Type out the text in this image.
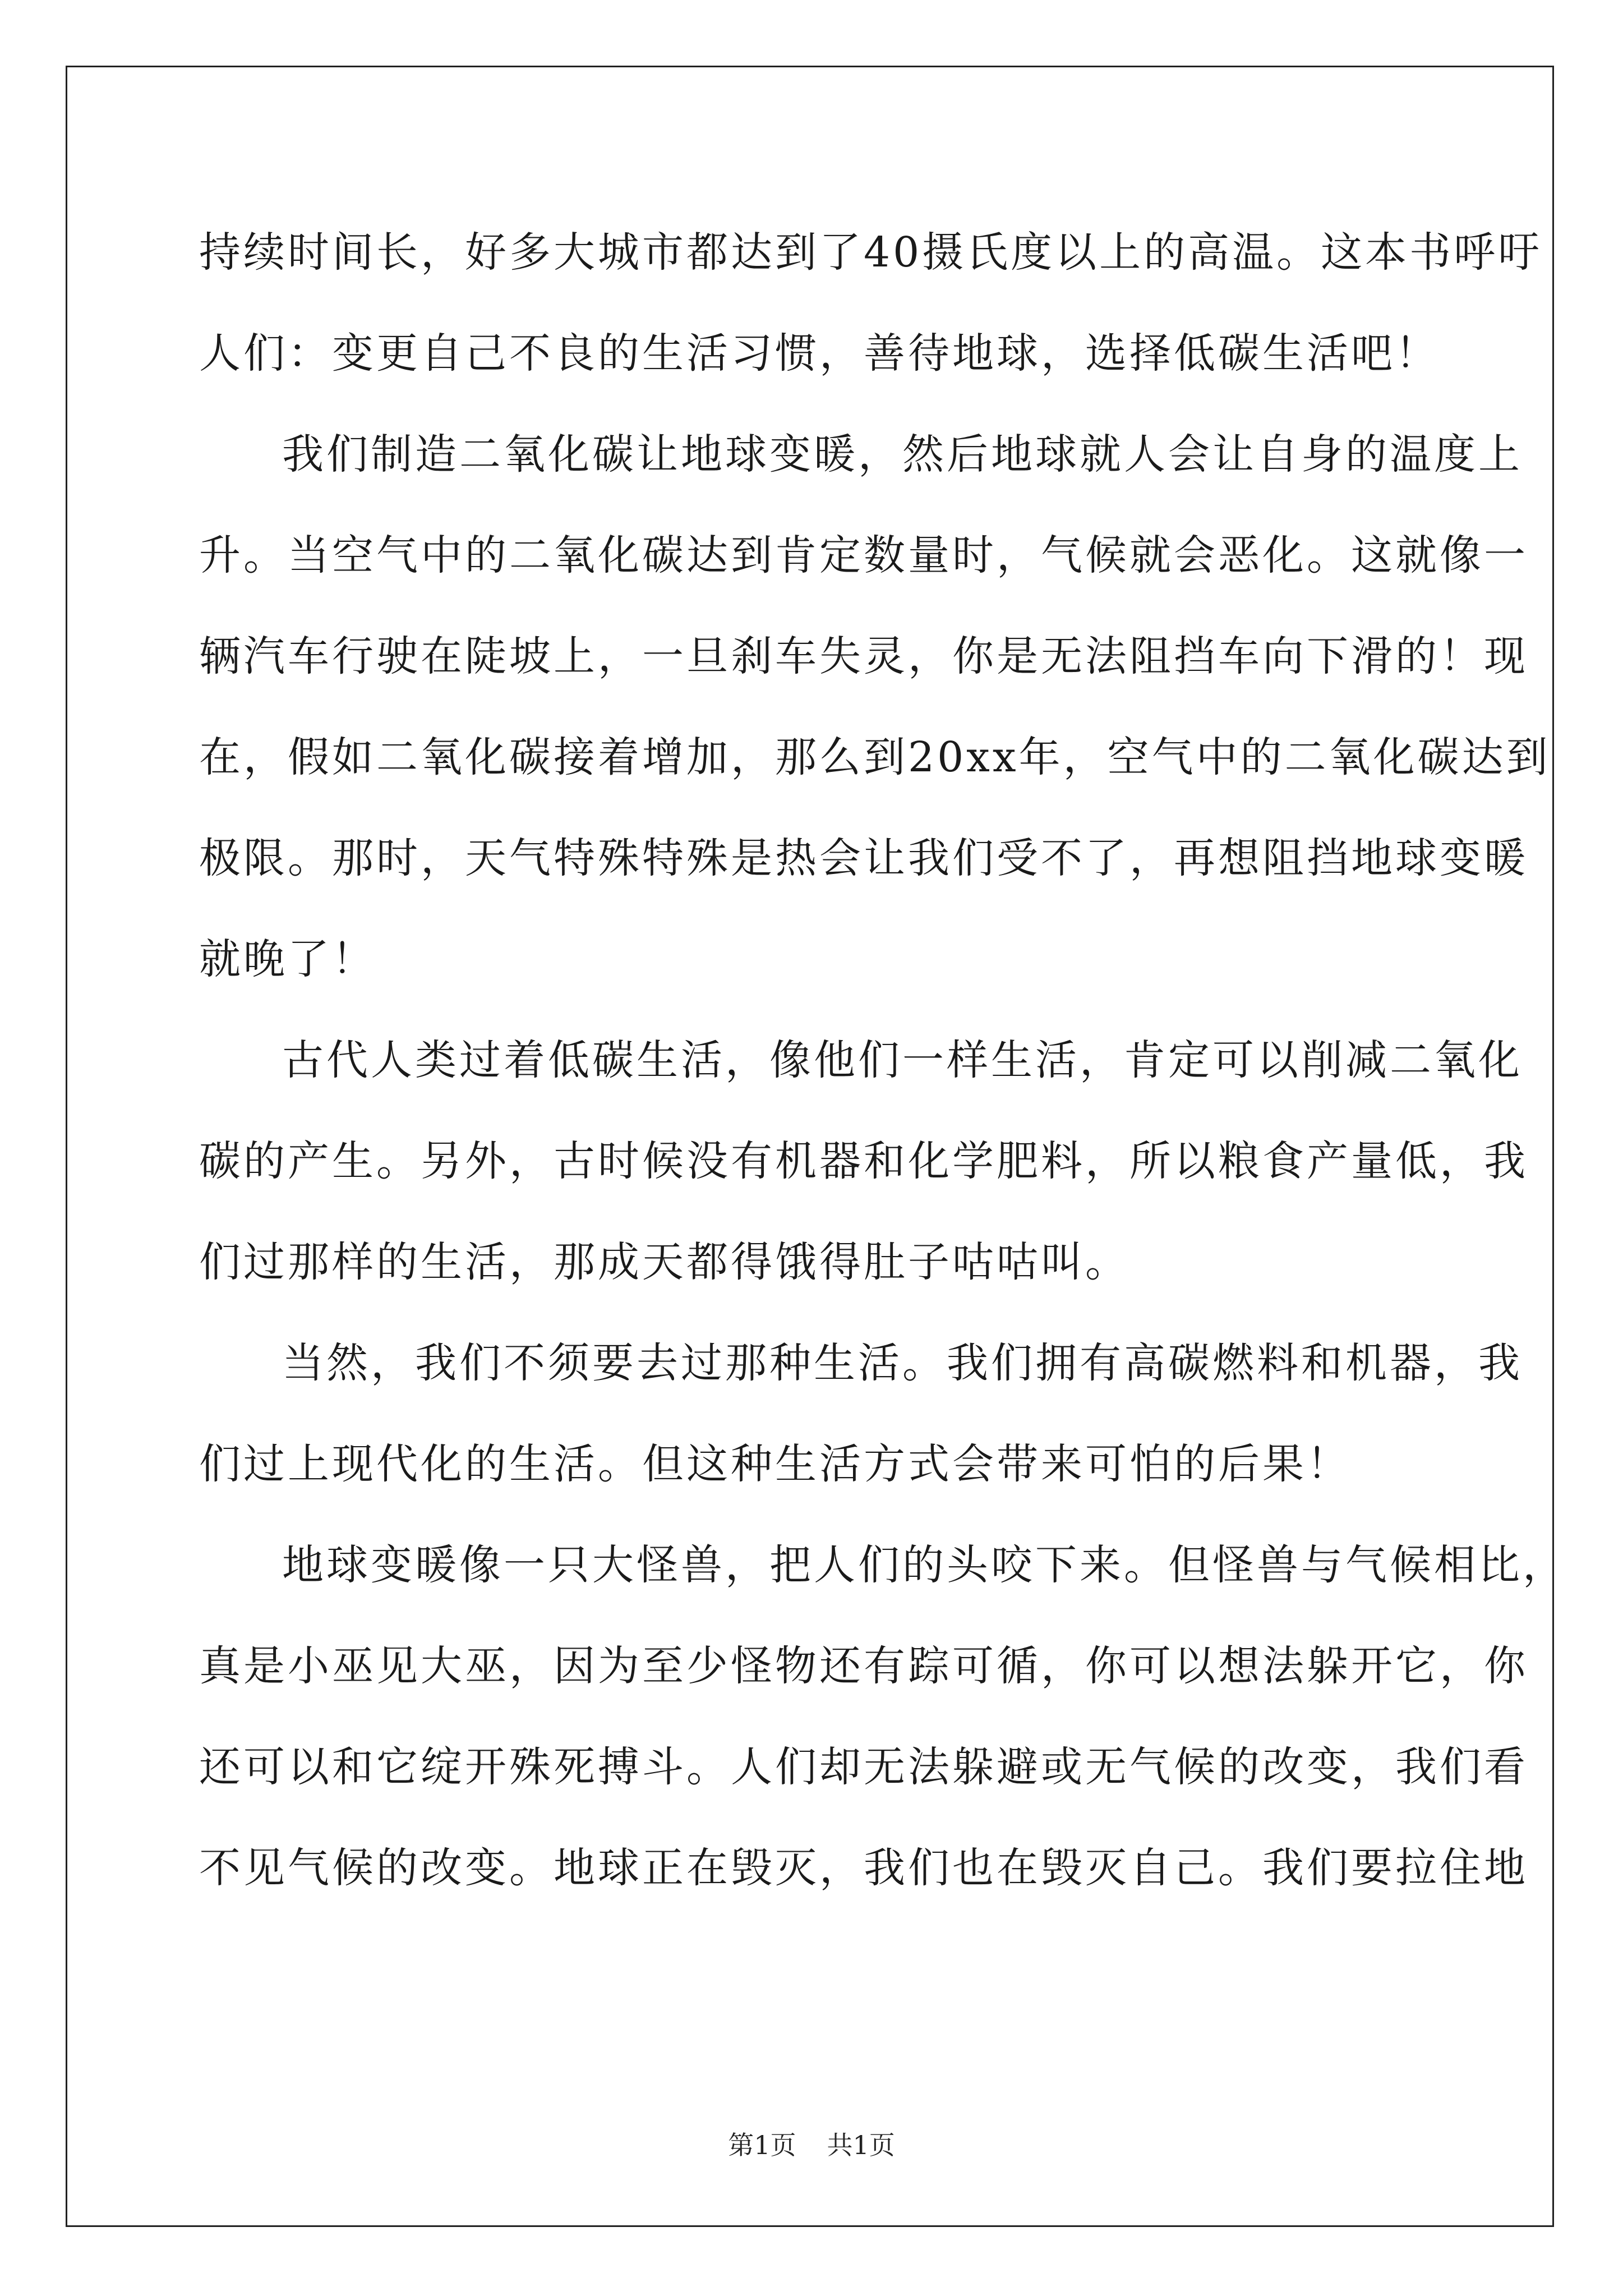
持续时间长，好多大城市都达到了40摄氏度以上的高温。这本书呼吁
人们：变更自己不良的生活习惯，善待地球，选择低碳生活吧！
我们制造二氧化碳让地球变暖，然后地球就人会让自身的温度上
升。当空气中的二氧化碳达到肯定数量时，气候就会恶化。这就像一
辆汽车行驶在陡坡上，一旦刹车失灵，你是无法阻挡车向下滑的！现
在，假如二氧化碳接着增加，那么到20xx年，空气中的二氧化碳达到
极限。那时，天气特殊特殊是热会让我们受不了，再想阻挡地球变暖
就晚了！
古代人类过着低碳生活，像他们一样生活，肯定可以削减二氧化
碳的产生。另外，古时候没有机器和化学肥料，所以粮食产量低，我
们过那样的生活，那成天都得饿得肚子咕咕叫。
当然，我们不须要去过那种生活。我们拥有高碳燃料和机器，我
们过上现代化的生活。但这种生活方式会带来可怕的后果！
地球变暖像一只大怪兽，把人们的头咬下来。但怪兽与气候相比，
真是小巫见大巫，因为至少怪物还有踪可循，你可以想法躲开它，你
还可以和它绽开殊死搏斗。人们却无法躲避或无气候的改变，我们看
不见气候的改变。地球正在毁灭，我们也在毁灭自己。我们要拉住地
第1页 共1页
